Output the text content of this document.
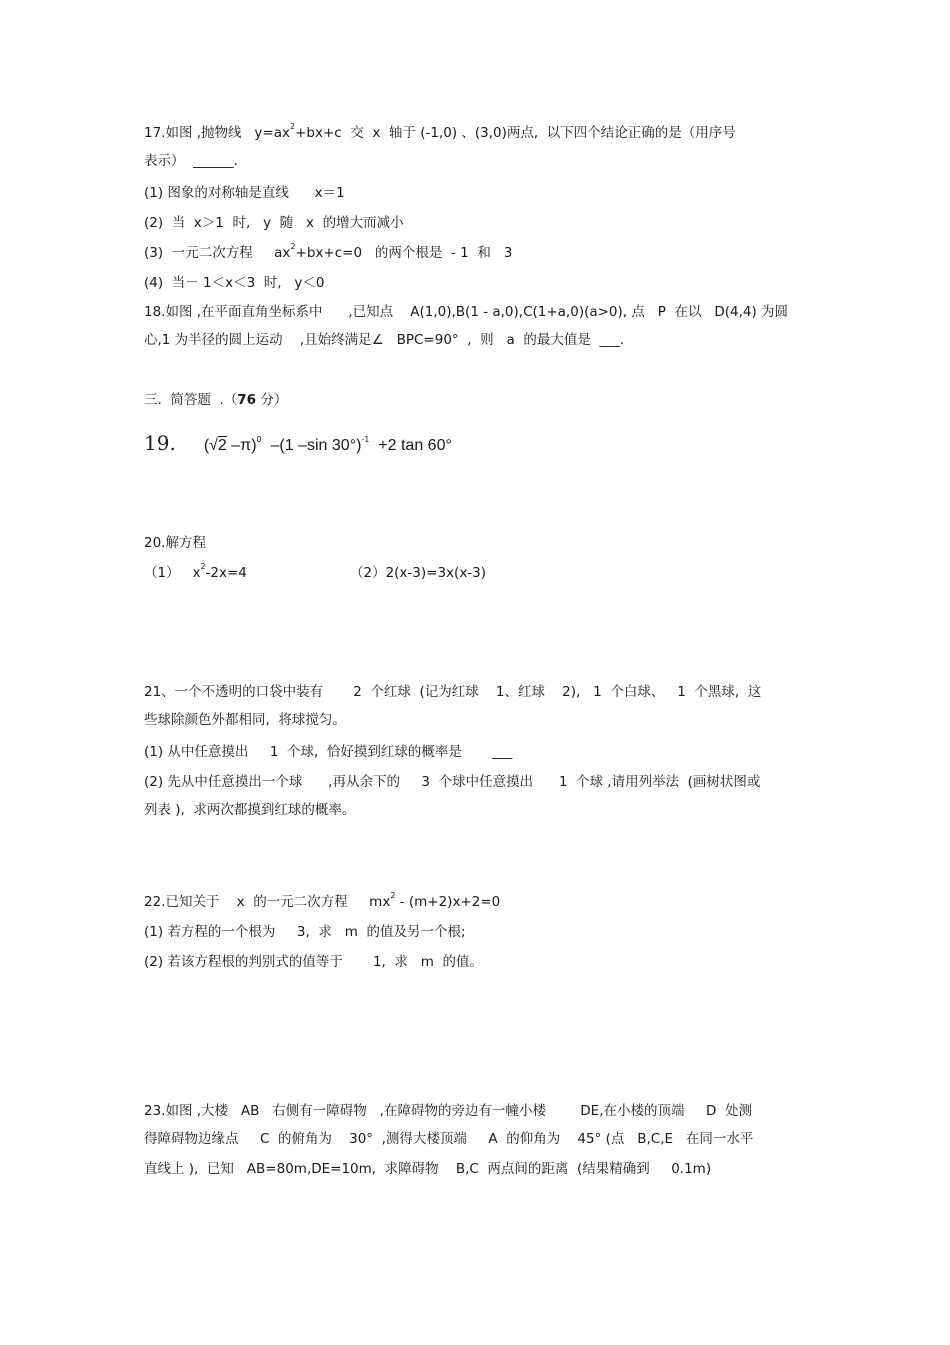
17.如图 ,抛物线   $y=ax^2+bx+c$  交  x  轴于 (-1,0) 、(3,0)两点,  以下四个结论正确的是（用序号
表示）  ______.
(1) 图象的对称轴是直线      x＝1
(2)  当  x＞1  时,   y  随   x  的增大而减小
(3)  一元二次方程     $ax^2+bx+c=0$   的两个根是  - 1  和   3
(4)  当－ 1＜x＜3  时,   y＜0
18.如图 ,在平面直角坐标系中      ,已知点    A(1,0),B(1 - a,0),C(1+a,0)(a>0), 点   P  在以   D(4,4) 为圆
心,1 为半径的圆上运动    ,且始终满足∠   BPC=90°  ,  则   a  的最大值是  ___.
三.  简答题  .（76 分）
19. (√2 –π)$^0$  –(1 –sin 30°)$^{-1}$  +2 tan 60°
20.解方程
（1）   $x^2-2x=4$	（2）2(x-3)=3x(x-3)
21、一个不透明的口袋中装有       2  个红球  (记为红球    1、红球    2),   1  个白球、   1  个黑球,  这
些球除颜色外都相同,  将球搅匀。
(1) 从中任意摸出     1  个球,  恰好摸到红球的概率是       ___
(2) 先从中任意摸出一个球      ,再从余下的     3  个球中任意摸出      1  个球 ,请用列举法  (画树状图或
列表 ),  求两次都摸到红球的概率。
22.已知关于    x  的一元二次方程     $mx^2 - (m+2)x+2=0$
(1) 若方程的一个根为     3,  求   m  的值及另一个根;
(2) 若该方程根的判别式的值等于       1,  求   m  的值。
23.如图 ,大楼   AB   右侧有一障碍物   ,在障碍物的旁边有一幢小楼        DE,在小楼的顶端     D  处测
得障碍物边缘点     C  的俯角为    30°  ,测得大楼顶端     A  的仰角为    45° (点   B,C,E   在同一水平
直线上 ),  已知   AB=80m,DE=10m,  求障碍物    B,C  两点间的距离  (结果精确到     0.1m)
